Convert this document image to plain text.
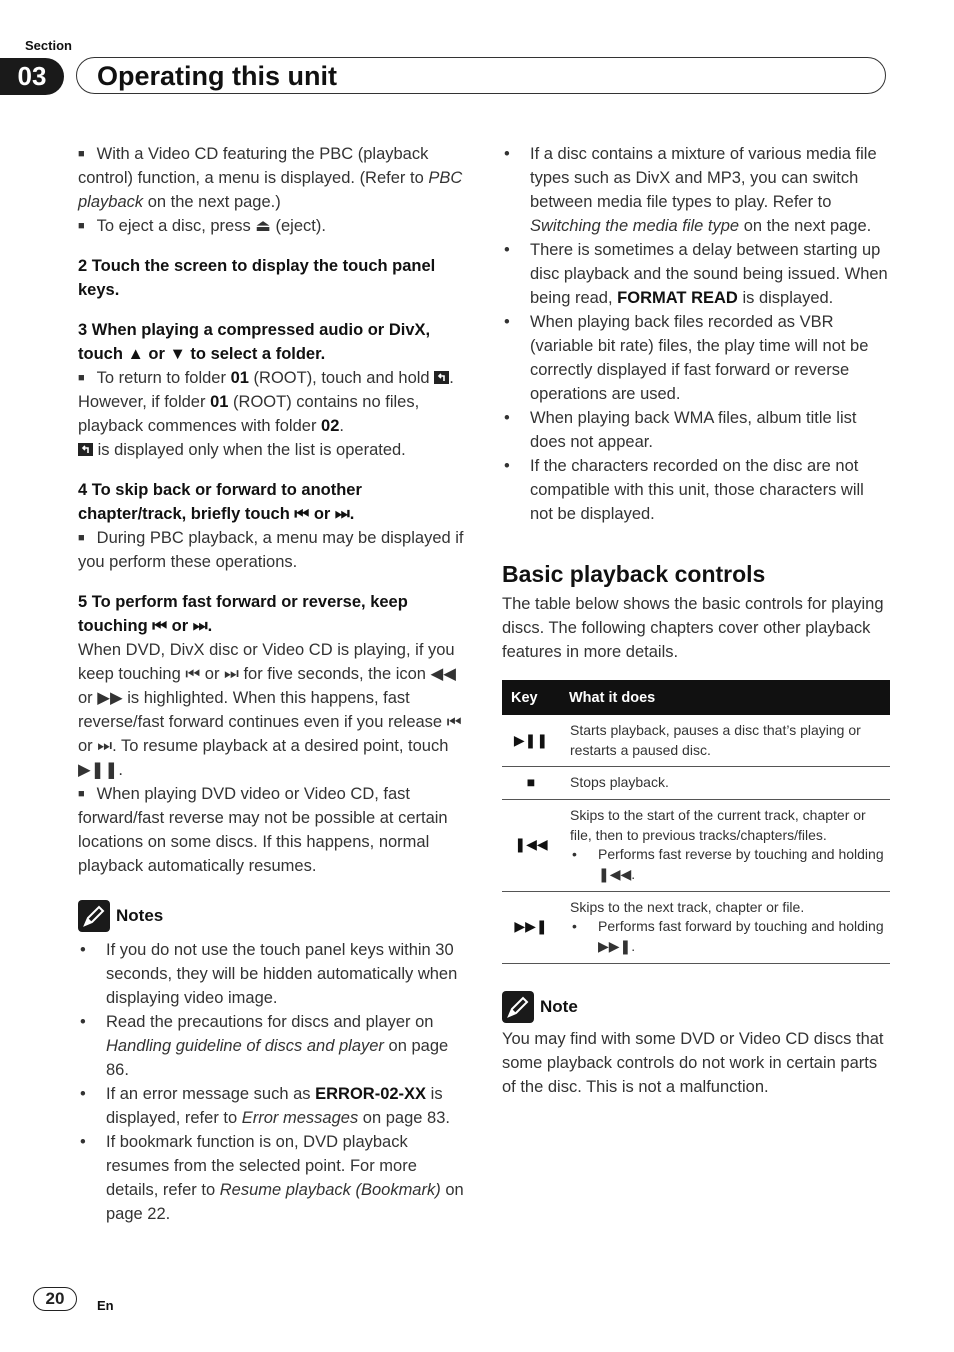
Section
03	Operating this unit

■ With a Video CD featuring the PBC (playback control) function, a menu is displayed. (Refer to PBC playback on the next page.)

■ To eject a disc, press ⏏ (eject).

2 Touch the screen to display the touch panel keys.

3 When playing a compressed audio or DivX, touch ▲ or ▼ to select a folder.

■ To return to folder 01 (ROOT), touch and hold . However, if folder 01 (ROOT) contains no files, playback commences with folder 02.

is displayed only when the list is operated.

4 To skip back or forward to another chapter/track, briefly touch ⏮ or ⏭.

■ During PBC playback, a menu may be displayed if you perform these operations.

5 To perform fast forward or reverse, keep touching ⏮ or ⏭.

When DVD, DivX disc or Video CD is playing, if you keep touching ⏮ or ⏭ for five seconds, the icon ◀◀ or ▶▶ is highlighted. When this happens, fast reverse/fast forward continues even if you release ⏮ or ⏭. To resume playback at a desired point, touch ▶❚❚.

■ When playing DVD video or Video CD, fast forward/fast reverse may not be possible at certain locations on some discs. If this happens, normal playback automatically resumes.

Notes
•	If you do not use the touch panel keys within 30 seconds, they will be hidden automatically when displaying video image.
•	Read the precautions for discs and player on Handling guideline of discs and player on page 86.
•	If an error message such as ERROR-02-XX is displayed, refer to Error messages on page 83.
•	If bookmark function is on, DVD playback resumes from the selected point. For more details, refer to Resume playback (Bookmark) on page 22.
•	If a disc contains a mixture of various media file types such as DivX and MP3, you can switch between media file types to play. Refer to Switching the media file type on the next page.
•	There is sometimes a delay between starting up disc playback and the sound being issued. When being read, FORMAT READ is displayed.
•	When playing back files recorded as VBR (variable bit rate) files, the play time will not be correctly displayed if fast forward or reverse operations are used.
•	When playing back WMA files, album title list does not appear.
•	If the characters recorded on the disc are not compatible with this unit, those characters will not be displayed.
Basic playback controls

The table below shows the basic controls for playing discs. The following chapters cover other playback features in more details.

Key	What it does
▶❚❚	Starts playback, pauses a disc that’s playing or restarts a paused disc.
■	Stops playback.
❚◀◀	Skips to the start of the current track, chapter or file, then to previous tracks/chapters/files.
• Performs fast reverse by touching and holding ❚◀◀.

▶▶❚	Skips to the next track, chapter or file.
• Performs fast forward by touching and holding ▶▶❚.
Note

You may find with some DVD or Video CD discs that some playback controls do not work in certain parts of the disc. This is not a malfunction.

20	En
